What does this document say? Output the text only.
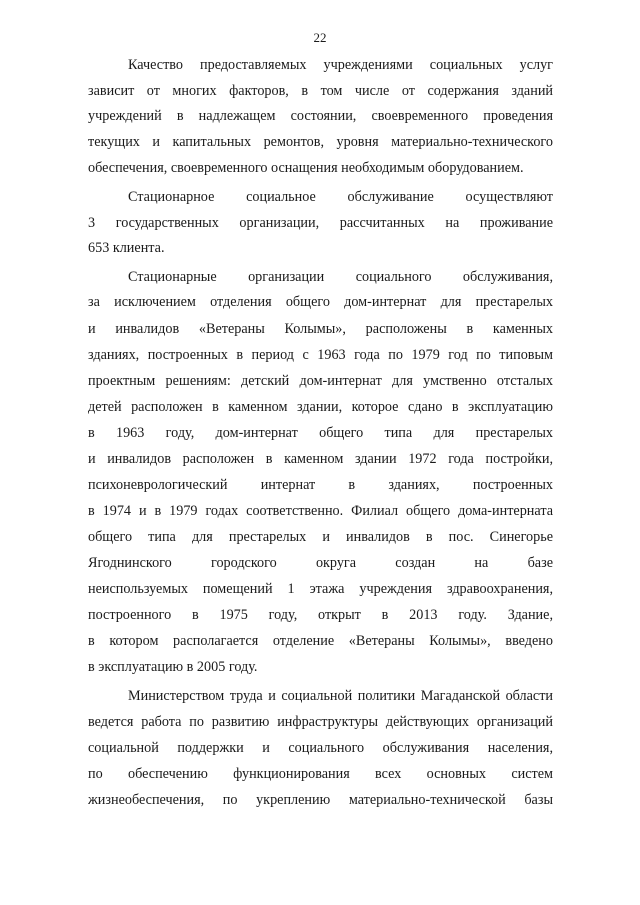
22
Качество предоставляемых учреждениями социальных услуг
зависит от многих факторов, в том числе от содержания зданий
учреждений в надлежащем состоянии, своевременного проведения
текущих и капитальных ремонтов, уровня материально-технического
обеспечения, своевременного оснащения необходимым оборудованием.
Стационарное социальное обслуживание осуществляют
3 государственных организации, рассчитанных на проживание
653 клиента.
Стационарные организации социального обслуживания,
за исключением отделения общего дом-интернат для престарелых
и инвалидов «Ветераны Колымы», расположены в каменных
зданиях, построенных в период с 1963 года по 1979 год по типовым
проектным решениям: детский дом-интернат для умственно отсталых
детей расположен в каменном здании, которое сдано в эксплуатацию
в 1963 году, дом-интернат общего типа для престарелых
и инвалидов расположен в каменном здании 1972 года постройки,
психоневрологический интернат в зданиях, построенных
в 1974 и в 1979 годах соответственно. Филиал общего дома-интерната
общего типа для престарелых и инвалидов в пос. Синегорье
Ягоднинского городского округа создан на базе
неиспользуемых помещений 1 этажа учреждения здравоохранения,
построенного в 1975 году, открыт в 2013 году. Здание,
в котором располагается отделение «Ветераны Колымы», введено
в эксплуатацию в 2005 году.
Министерством труда и социальной политики Магаданской области
ведется работа по развитию инфраструктуры действующих организаций
социальной поддержки и социального обслуживания населения,
по обеспечению функционирования всех основных систем
жизнеобеспечения, по укреплению материально-технической базы
